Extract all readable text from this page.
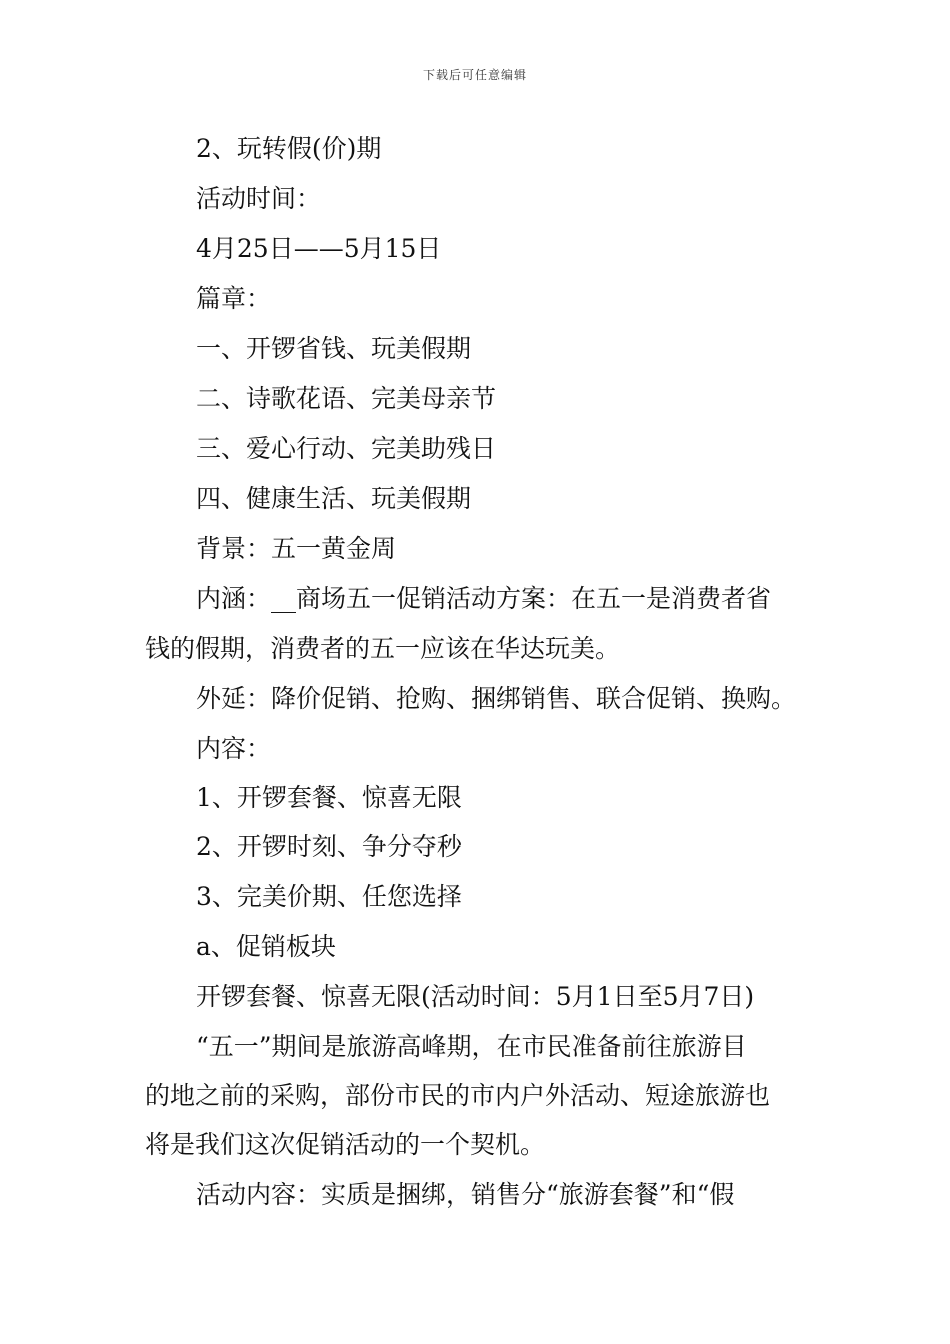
下载后可任意编辑
2、玩转假(价)期
活动时间：
4月25日——5月15日
篇章：
一、开锣省钱、玩美假期
二、诗歌花语、完美母亲节
三、爱心行动、完美助残日
四、健康生活、玩美假期
背景：五一黄金周
内涵：__商场五一促销活动方案：在五一是消费者省
钱的假期，消费者的五一应该在华达玩美。
外延：降价促销、抢购、捆绑销售、联合促销、换购。
内容：
1、开锣套餐、惊喜无限
2、开锣时刻、争分夺秒
3、完美价期、任您选择
a、促销板块
开锣套餐、惊喜无限(活动时间：5月1日至5月7日)
“五一”期间是旅游高峰期，在市民准备前往旅游目
的地之前的采购，部份市民的市内户外活动、短途旅游也
将是我们这次促销活动的一个契机。
活动内容：实质是捆绑，销售分“旅游套餐”和“假
